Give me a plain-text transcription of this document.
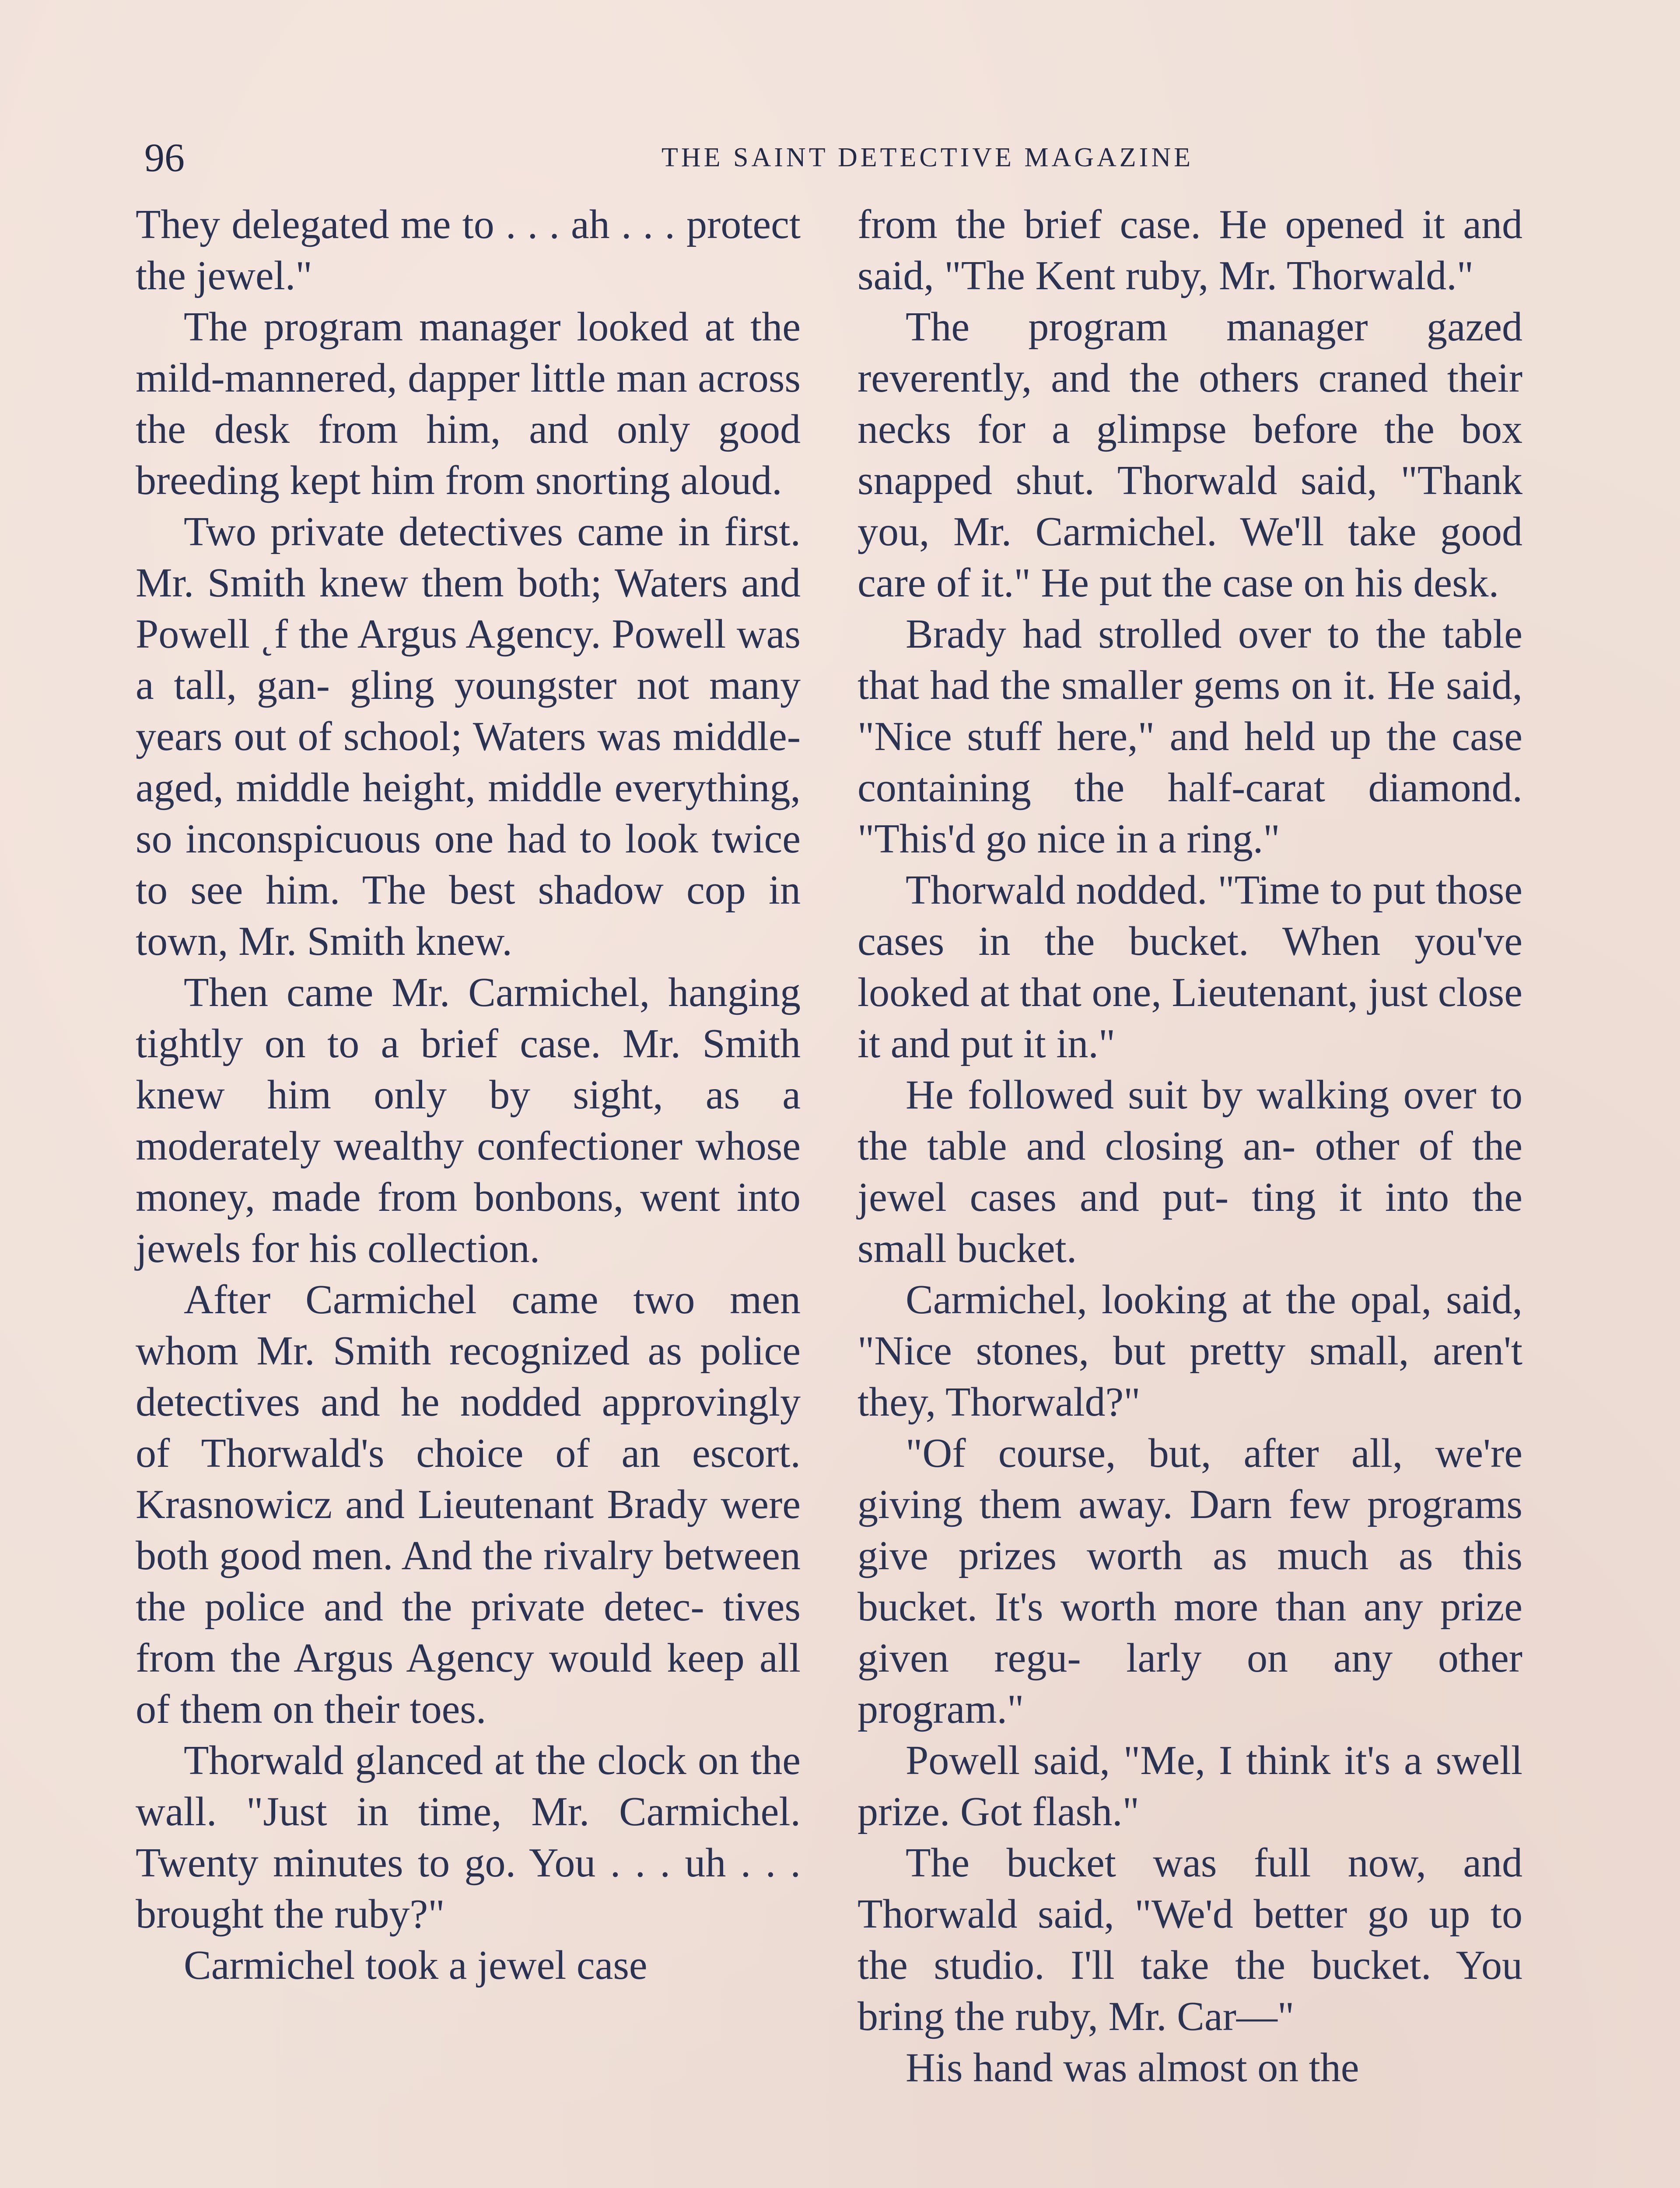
96	THE SAINT DETECTIVE MAGAZINE

They delegated me to . . . ah . . . protect the jewel."

The program manager looked at the mild-mannered, dapper little man across the desk from him, and only good breeding kept him from snorting aloud.

Two private detectives came in first. Mr. Smith knew them both; Waters and Powell ˛f the Argus Agency. Powell was a tall, gan- gling youngster not many years out of school; Waters was middle- aged, middle height, middle everything, so inconspicuous one had to look twice to see him. The best shadow cop in town, Mr. Smith knew.

Then came Mr. Carmichel, hanging tightly on to a brief case. Mr. Smith knew him only by sight, as a moderately wealthy confectioner whose money, made from bonbons, went into jewels for his collection.

After Carmichel came two men whom Mr. Smith recognized as police detectives and he nodded approvingly of Thorwald's choice of an escort. Krasnowicz and Lieutenant Brady were both good men. And the rivalry between the police and the private detec- tives from the Argus Agency would keep all of them on their toes.

Thorwald glanced at the clock on the wall. "Just in time, Mr. Carmichel. Twenty minutes to go. You . . . uh . . . brought the ruby?"

Carmichel took a jewel case

from the brief case. He opened it and said, "The Kent ruby, Mr. Thorwald."

The program manager gazed reverently, and the others craned their necks for a glimpse before the box snapped shut. Thorwald said, "Thank you, Mr. Carmichel. We'll take good care of it." He put the case on his desk.

Brady had strolled over to the table that had the smaller gems on it. He said, "Nice stuff here," and held up the case containing the half-carat diamond. "This'd go nice in a ring."

Thorwald nodded. "Time to put those cases in the bucket. When you've looked at that one, Lieutenant, just close it and put it in."

He followed suit by walking over to the table and closing an- other of the jewel cases and put- ting it into the small bucket.

Carmichel, looking at the opal, said, "Nice stones, but pretty small, aren't they, Thorwald?"

"Of course, but, after all, we're giving them away. Darn few programs give prizes worth as much as this bucket. It's worth more than any prize given regu- larly on any other program."

Powell said, "Me, I think it's a swell prize. Got flash."

The bucket was full now, and Thorwald said, "We'd better go up to the studio. I'll take the bucket. You bring the ruby, Mr. Car—"

His hand was almost on the
